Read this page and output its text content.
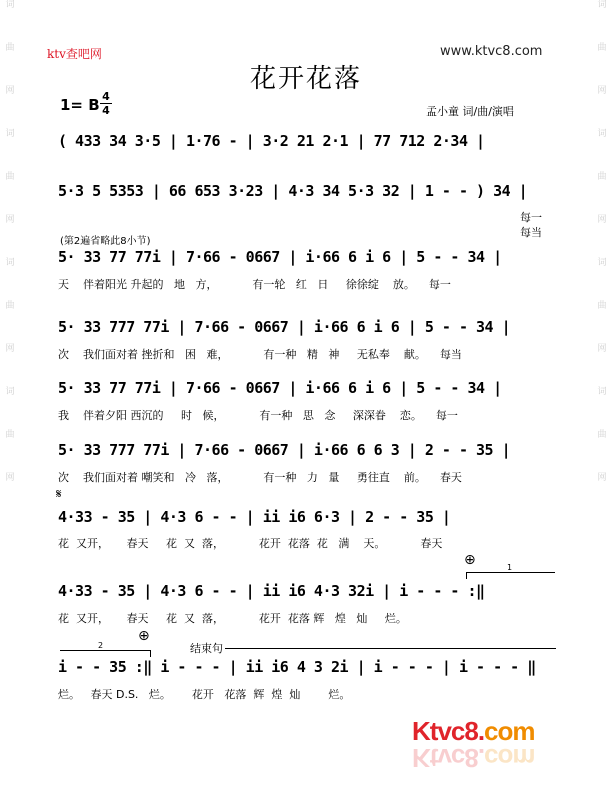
词
曲
网
词
曲
网
词
曲
网
词
曲
网
词
曲
网
词
曲
网
词
曲
网
词
曲
网
ktv查吧网	www.ktvc8.com
花开花落
1= B 4
4	孟小童 词/曲/演唱
( 433 34 3·5 | 1·76 - | 3·2 21 2·1 | 77 712 2·34 |
5·3 5 5353 | 66 653 3·23 | 4·3 34 5·3 32 | 1 - - ) 34 |
每一
每当
(第2遍省略此8小节)
5· 33 77 77i | 7·66 - 0667 | i·66 6 i 6 | 5 - - 34 |
天    伴着阳光 升起的   地   方，          有一轮   红   日     徐徐绽    放。    每一
5· 33 777 77i | 7·66 - 0667 | i·66 6 i 6 | 5 - - 34 |
次    我们面对着 挫折和   困   难，          有一种   精   神     无私奉    献。    每当
5· 33 77 77i | 7·66 - 0667 | i·66 6 i 6 | 5 - - 34 |
我    伴着夕阳 西沉的     时   候，          有一种   思   念     深深眷    恋。    每一
5· 33 777 77i | 7·66 - 0667 | i·66 6 6 3 | 2 - - 35 |
次    我们面对着 嘲笑和   冷   落，          有一种   力   量     勇往直    前。    春天
𝄋
4·33 - 35 | 4·3 6 - - | ii i6 6·3 | 2 - - 35 |
花  又开，     春天     花  又  落，          花开  花落  花   满    天。          春天
⊕	1
4·33 - 35 | 4·3 6 - - | ii i6 4·3 32i | i - - - :‖
花  又开，     春天     花  又  落，          花开  花落 辉   煌   灿     烂。
⊕
2	结束句
i - - 35 :‖ i - - - | ii i6 4 3 2i | i - - - | i - - - ‖
烂。   春天 D.S.   烂。      花开   花落  辉  煌  灿        烂。
Ktvc8.com
Ktvc8.com
